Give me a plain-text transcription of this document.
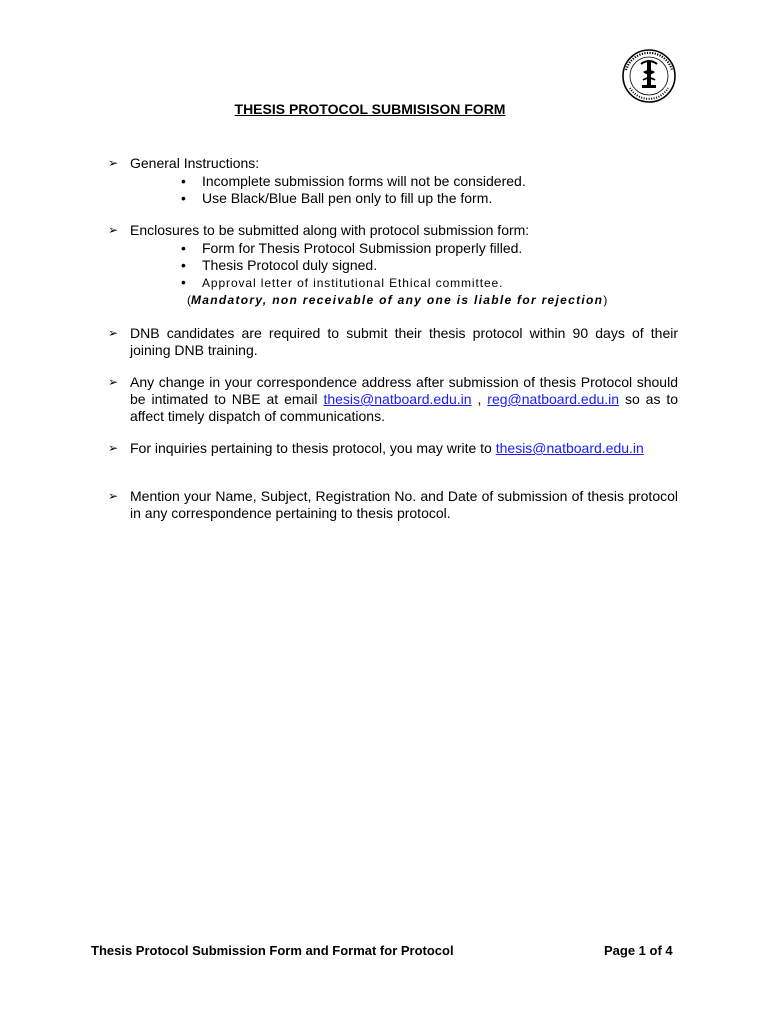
THESIS PROTOCOL SUBMISISON FORM
➢ General Instructions:
• Incomplete submission forms will not be considered.
• Use Black/Blue Ball pen only to fill up the form.
➢ Enclosures to be submitted along with protocol submission form:
• Form for Thesis Protocol Submission properly filled.
• Thesis Protocol duly signed.
• Approval letter of institutional Ethical committee.
(Mandatory, non receivable of any one is liable for rejection)
➢ DNB candidates are required to submit their thesis protocol within 90 days of their joining DNB training.
➢ Any change in your correspondence address after submission of thesis Protocol should be intimated to NBE at email thesis@natboard.edu.in , reg@natboard.edu.in so as to affect timely dispatch of communications.
➢ For inquiries pertaining to thesis protocol, you may write to thesis@natboard.edu.in
➢ Mention your Name, Subject, Registration No. and Date of submission of thesis protocol in any correspondence pertaining to thesis protocol.
Thesis Protocol Submission Form and Format for Protocol	Page 1 of 4
